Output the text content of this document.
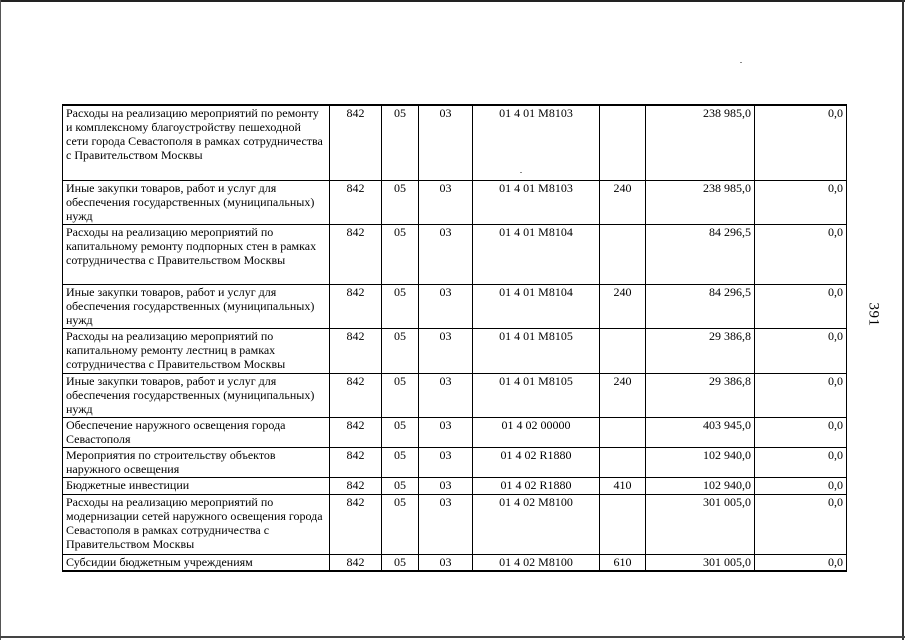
391
Расходы на реализацию мероприятий по ремонту и комплексному благоустройству пешеходной сети города Севастополя в рамках сотрудничества с Правительством Москвы	842	05	03	01 4 01 M8103		238 985,0	0,0
Иные закупки товаров, работ и услуг для обеспечения государственных (муниципальных) нужд	842	05	03	01 4 01 M8103	240	238 985,0	0,0
Расходы на реализацию мероприятий по капитальному ремонту подпорных стен в рамках сотрудничества с Правительством Москвы	842	05	03	01 4 01 M8104		84 296,5	0,0
Иные закупки товаров, работ и услуг для обеспечения государственных (муниципальных) нужд	842	05	03	01 4 01 M8104	240	84 296,5	0,0
Расходы на реализацию мероприятий по капитальному ремонту лестниц в рамках сотрудничества с Правительством Москвы	842	05	03	01 4 01 M8105		29 386,8	0,0
Иные закупки товаров, работ и услуг для обеспечения государственных (муниципальных) нужд	842	05	03	01 4 01 M8105	240	29 386,8	0,0
Обеспечение наружного освещения города Севастополя	842	05	03	01 4 02 00000		403 945,0	0,0
Мероприятия по строительству объектов наружного освещения	842	05	03	01 4 02 R1880		102 940,0	0,0
Бюджетные инвестиции	842	05	03	01 4 02 R1880	410	102 940,0	0,0
Расходы на реализацию мероприятий по модернизации сетей наружного освещения города Севастополя в рамках сотрудничества с Правительством Москвы	842	05	03	01 4 02 M8100		301 005,0	0,0
Субсидии бюджетным учреждениям	842	05	03	01 4 02 M8100	610	301 005,0	0,0
